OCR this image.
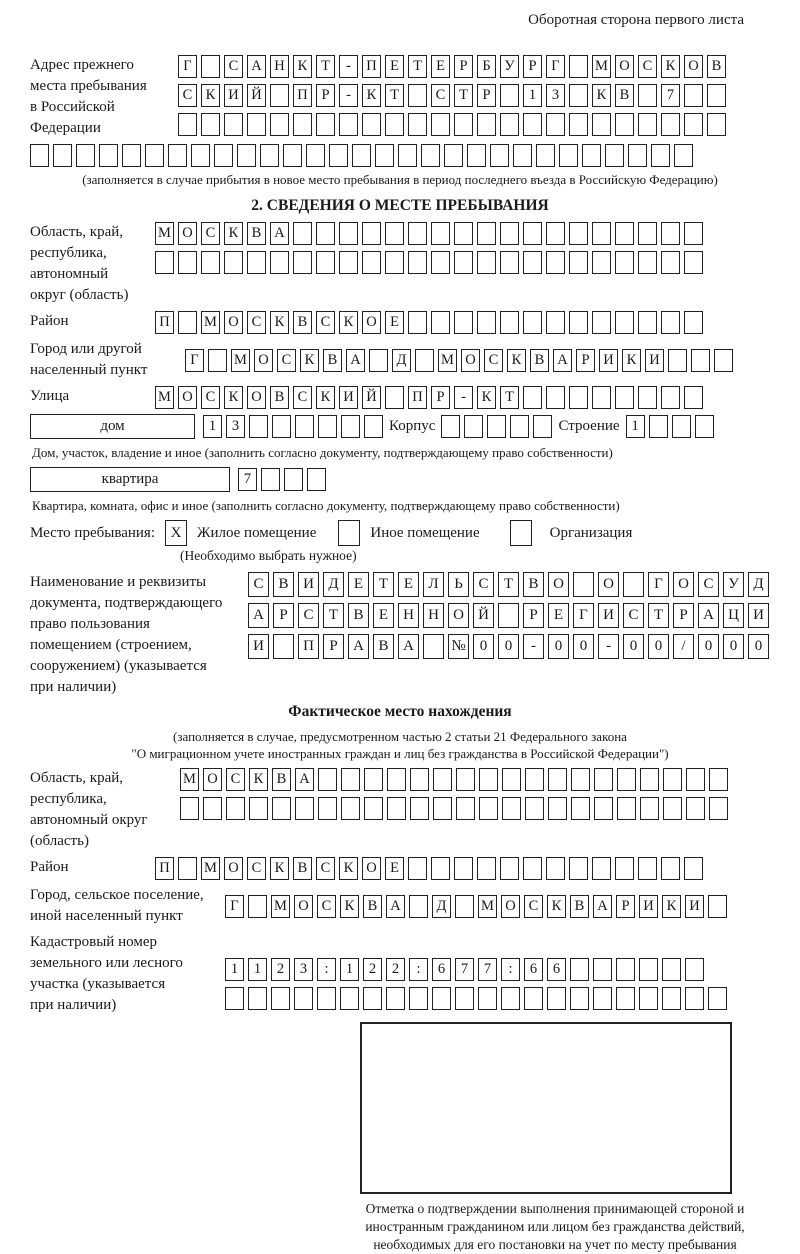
Оборотная сторона первого листа
Адрес прежнего
места пребывания
в Российской
Федерации
Г	С А Н К Т	-	П Е Т Е	Р	Б У Р	Г	М О С К О В
С К И Й П Р	-	К Т	С Т	Р	1	3	К В	7
(заполняется в случае прибытия в новое место пребывания в период последнего въезда в Российскую Федерацию)
2. СВЕДЕНИЯ О МЕСТЕ ПРЕБЫВАНИЯ
Область, край,
республика,
автономный
округ (область)
М О С К В А
Район	П М О С К В С К О Е
Город или другой
населенный пункт
Г	М О С К В А	Д	М О С К В А Р И К И
Улица	М О С К О В С К И Й П Р	-	К Т
дом	1	3	Корпус	Строение 1
Дом, участок, владение и иное (заполнить согласно документу, подтверждающему право собственности)
квартира	7
Квартира, комната, офис и иное (заполнить согласно документу, подтверждающему право собственности)
Место пребывания:	X	Жилое помещение	Иное помещение	Организация
(Необходимо выбрать нужное)
Наименование и реквизиты
документа, подтверждающего
право пользования
помещением (строением,
сооружением) (указывается
при наличии)
С В И Д	Е	Т	Е	Л	Ь	С	Т	В О	О	Г	О С У Д
А	Р	С	Т	В	Е	Н Н О Й	Р	Е	Г	И С	Т	Р	А Ц И
И	П	Р	А В А	№ 0	0	-	0	0	-	0	0	/	0	0	0
Фактическое место нахождения
(заполняется в случае, предусмотренном частью 2 статьи 21 Федерального закона
"О миграционном учете иностранных граждан и лиц без гражданства в Российской Федерации")
Область, край,
республика,
автономный округ
(область)
М О С К В А
Район	П М О С К В С К О Е
Город, сельское поселение,
иной населенный пункт
Г	М О С К В А	Д	М О С К В А Р И К И
Кадастровый номер
земельного или лесного
участка (указывается
при наличии)
1	1	2	3	:	1	2	2	:	6	7	7	:	6	6
Отметка о подтверждении выполнения принимающей стороной и иностранным гражданином или лицом без гражданства действий, необходимых для его постановки на учет по месту пребывания
